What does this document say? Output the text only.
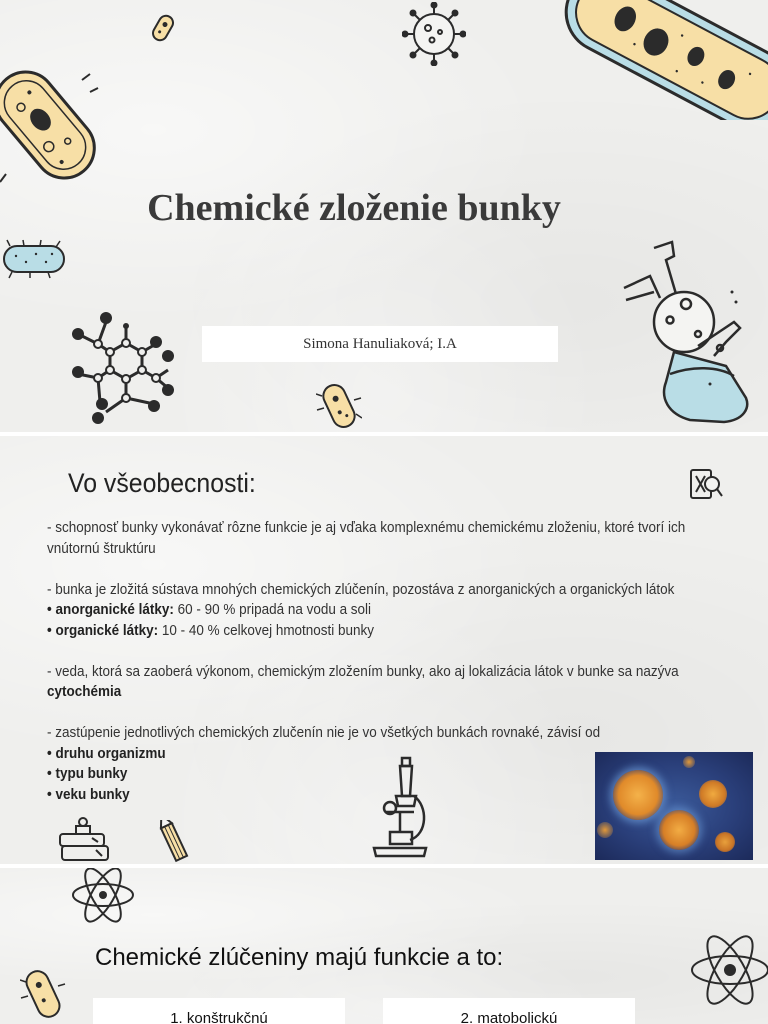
Chemické zloženie bunky
Simona Hanuliaková; I.A
Vo všeobecnosti:

- schopnosť bunky vykonávať rôzne funkcie je aj vďaka komplexnému chemickému zloženiu, ktoré tvorí ich

vnútornú štruktúru

- bunka je zložitá sústava mnohých chemických zlúčenín, pozostáva z anorganických a organických látok

• anorganické látky: 60 - 90 % pripadá na vodu a soli

• organické látky: 10 - 40 % celkovej hmotnosti bunky

- veda, ktorá sa zaoberá výkonom, chemickým zložením bunky, ako aj lokalizácia látok v bunke sa nazýva

cytochémia

- zastúpenie jednotlivých chemických zlučenín nie je vo všetkých bunkách rovnaké, závisí od

• druhu organizmu

• typu bunky

• veku bunky

Chemické zlúčeniny majú funkcie a to:
1. konštrukčnú	2. matobolickú
